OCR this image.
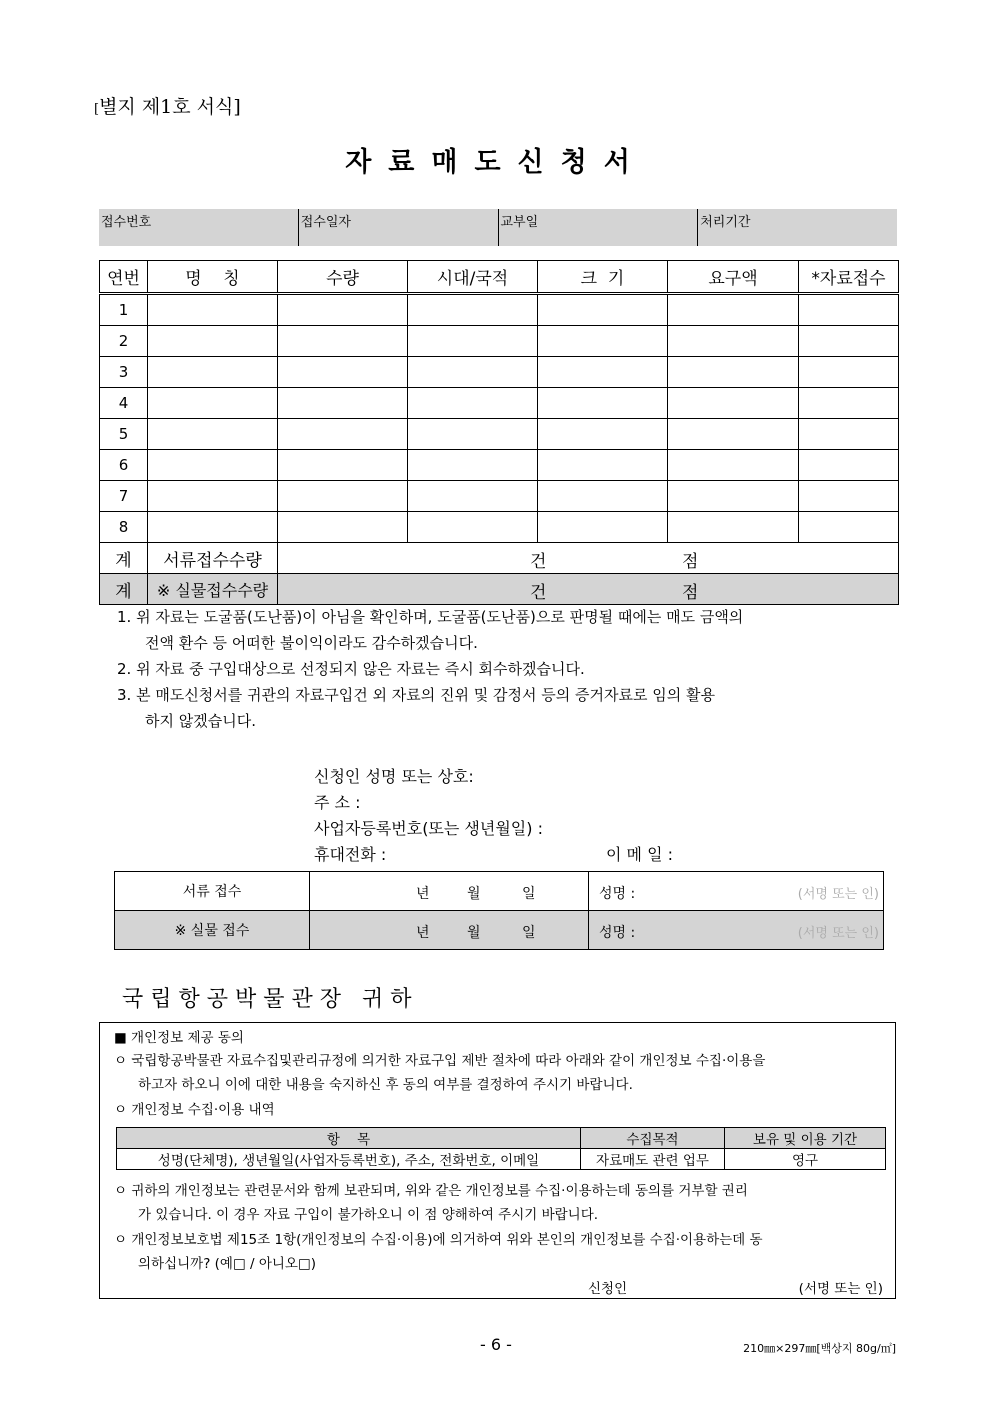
[별지 제1호 서식]
자료매도신청서
접수번호	접수일자	교부일	처리기간
연번	명    칭	수량	시대/국적	크  기	요구액	*자료접수
1						
2						
3						
4						
5						
6						
7						
8						
계	서류접수수량	건 점				

계	※ 실물접수수량	건 점				

1. 위 자료는 도굴품(도난품)이 아님을 확인하며, 도굴품(도난품)으로 판명될 때에는 매도 금액의

전액 환수 등 어떠한 불이익이라도 감수하겠습니다.

2. 위 자료 중 구입대상으로 선정되지 않은 자료는 즉시 회수하겠습니다.

3. 본 매도신청서를 귀관의 자료구입건 외 자료의 진위 및 감정서 등의 증거자료로 임의 활용

하지 않겠습니다.

신청인 성명 또는 상호:
주 소 :
사업자등록번호(또는 생년월일) :
휴대전화 :	이 메 일 :
서류 접수	년 월 일	성명 : (서명 또는 인)

※ 실물 접수	년 월 일	성명 : (서명 또는 인)
국립항공박물관장 귀하
■ 개인정보 제공 동의
ㅇ 국립항공박물관 자료수집및관리규정에 의거한 자료구입 제반 절차에 따라 아래와 같이 개인정보 수집·이용을
하고자 하오니 이에 대한 내용을 숙지하신 후 동의 여부를 결정하여 주시기 바랍니다.
ㅇ 개인정보 수집·이용 내역
항    목	수집목적	보유 및 이용 기간
성명(단체명), 생년월일(사업자등록번호), 주소, 전화번호, 이메일	자료매도 관련 업무	영구
ㅇ 귀하의 개인정보는 관련문서와 함께 보관되며, 위와 같은 개인정보를 수집·이용하는데 동의를 거부할 권리
가 있습니다. 이 경우 자료 구입이 불가하오니 이 점 양해하여 주시기 바랍니다.
ㅇ 개인정보보호법 제15조 1항(개인정보의 수집·이용)에 의거하여 위와 본인의 개인정보를 수집·이용하는데 동
의하십니까? (예□ / 아니오□)
신청인	(서명 또는 인)
- 6 -	210㎜×297㎜[백상지 80g/㎡]
